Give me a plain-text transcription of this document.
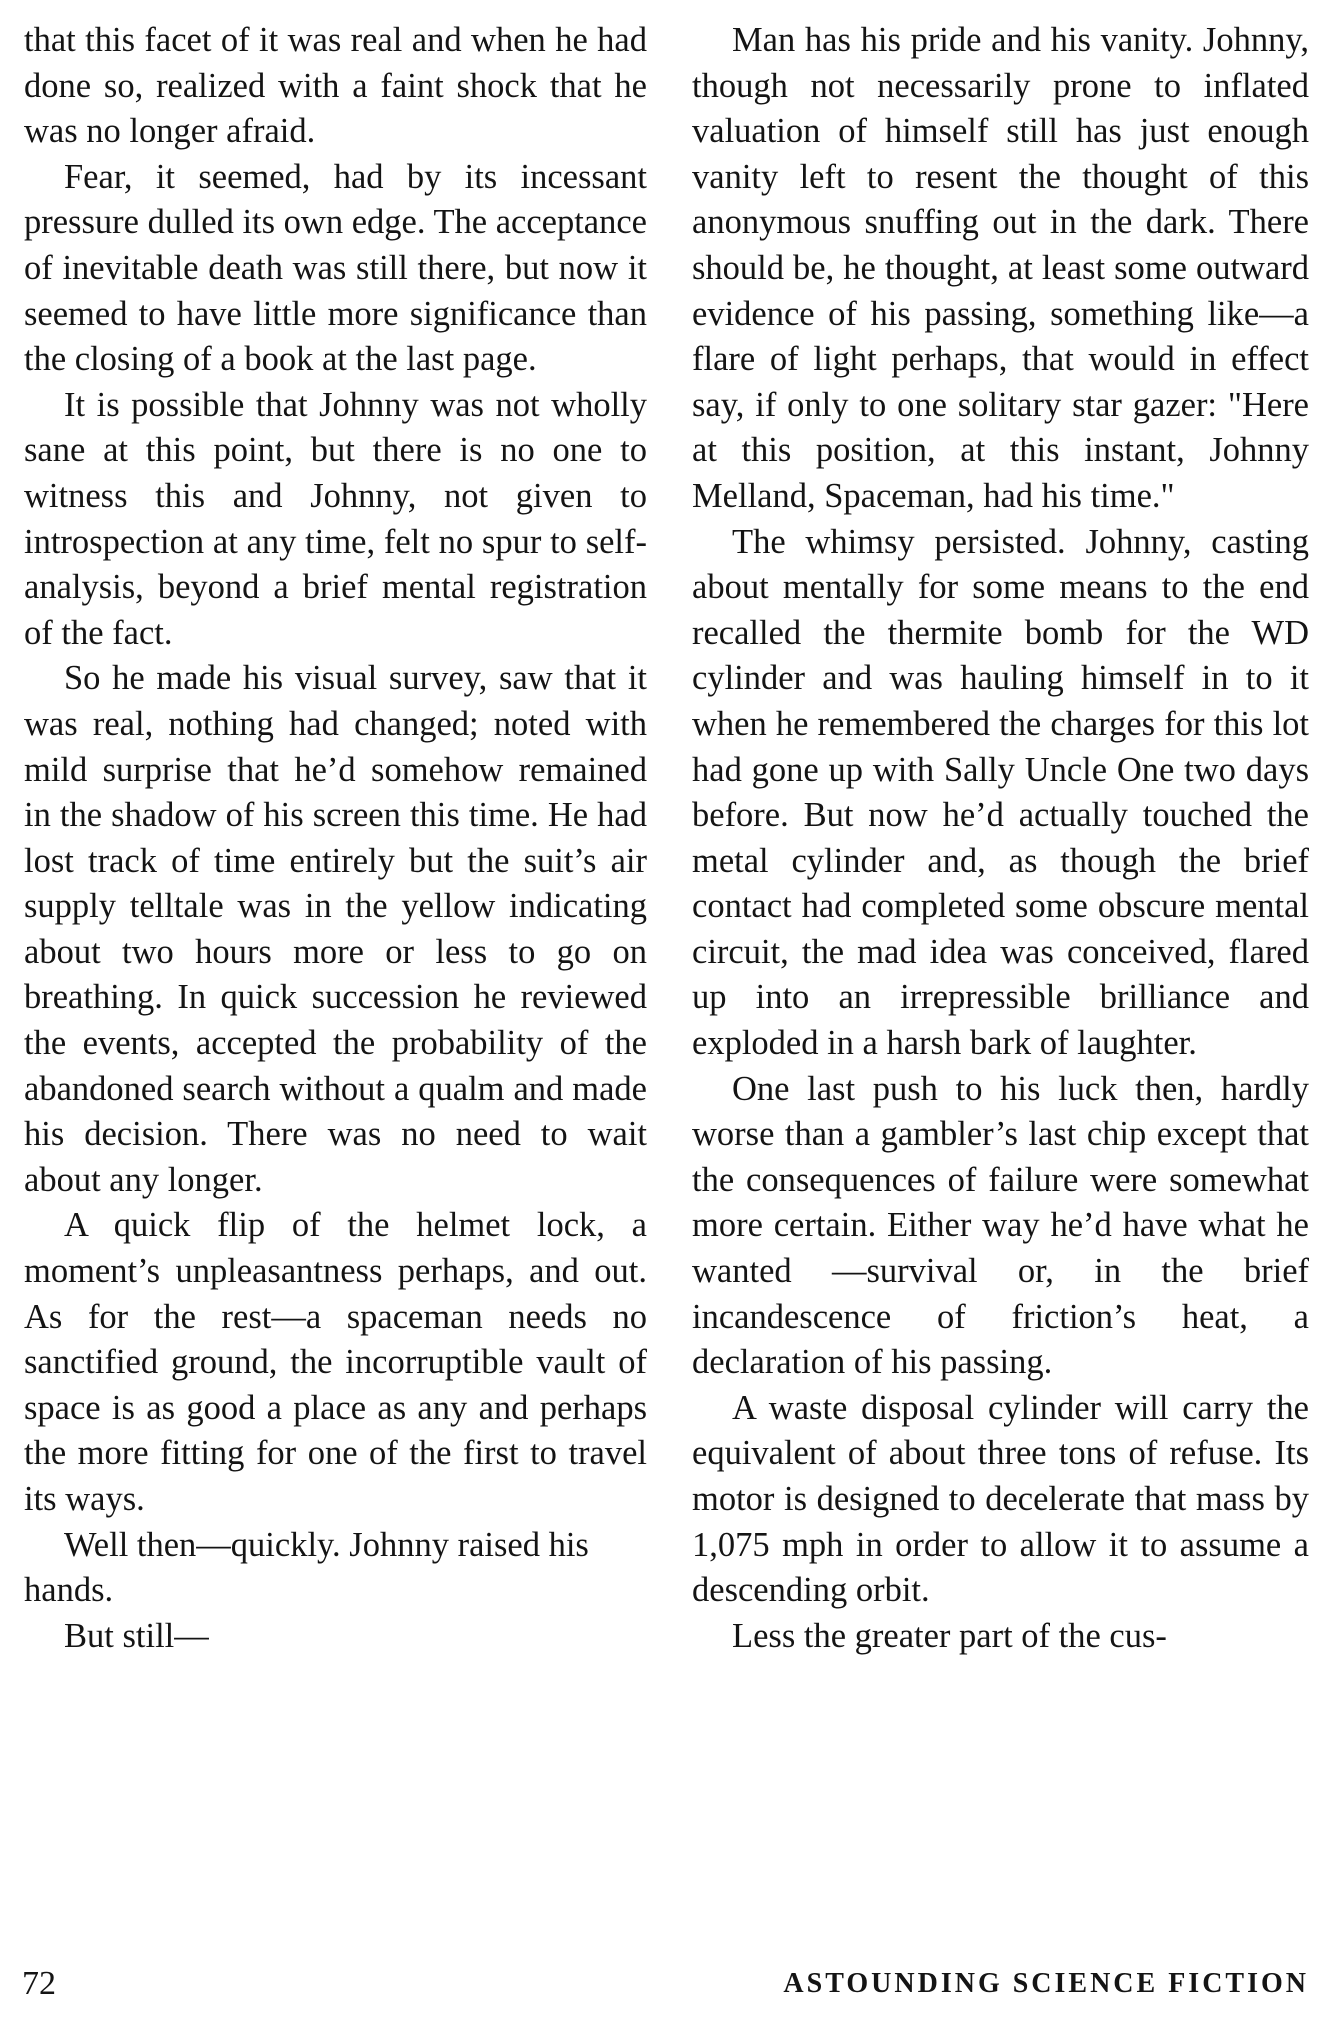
that this facet of it was real and when he had done so, realized with a faint shock that he was no longer afraid.

Fear, it seemed, had by its incessant pressure dulled its own edge. The acceptance of inevitable death was still there, but now it seemed to have little more significance than the closing of a book at the last page.

It is possible that Johnny was not wholly sane at this point, but there is no one to witness this and Johnny, not given to introspection at any time, felt no spur to self-analysis, beyond a brief mental registration of the fact.

So he made his visual survey, saw that it was real, nothing had changed; noted with mild surprise that he’d somehow remained in the shadow of his screen this time. He had lost track of time entirely but the suit’s air supply telltale was in the yellow indicating about two hours more or less to go on breathing. In quick succession he reviewed the events, accepted the probability of the abandoned search without a qualm and made his decision. There was no need to wait about any longer.

A quick flip of the helmet lock, a moment’s unpleasantness perhaps, and out. As for the rest—a spaceman needs no sanctified ground, the incorruptible vault of space is as good a place as any and perhaps the more fitting for one of the first to travel its ways.

Well then—quickly. Johnny raised his hands.

But still—

Man has his pride and his vanity. Johnny, though not necessarily prone to inflated valuation of himself still has just enough vanity left to resent the thought of this anonymous snuffing out in the dark. There should be, he thought, at least some outward evidence of his passing, something like—a flare of light perhaps, that would in effect say, if only to one solitary star gazer: "Here at this position, at this instant, Johnny Melland, Spaceman, had his time."

The whimsy persisted. Johnny, casting about mentally for some means to the end recalled the thermite bomb for the WD cylinder and was hauling himself in to it when he remembered the charges for this lot had gone up with Sally Uncle One two days before. But now he’d actually touched the metal cylinder and, as though the brief contact had completed some obscure mental circuit, the mad idea was conceived, flared up into an irrepressible brilliance and exploded in a harsh bark of laughter.

One last push to his luck then, hardly worse than a gambler’s last chip except that the consequences of failure were somewhat more certain. Either way he’d have what he wanted —survival or, in the brief incandescence of friction’s heat, a declaration of his passing.

A waste disposal cylinder will carry the equivalent of about three tons of refuse. Its motor is designed to decelerate that mass by 1,075 mph in order to allow it to assume a descending orbit.

Less the greater part of the cus-

72	ASTOUNDING SCIENCE FICTION
